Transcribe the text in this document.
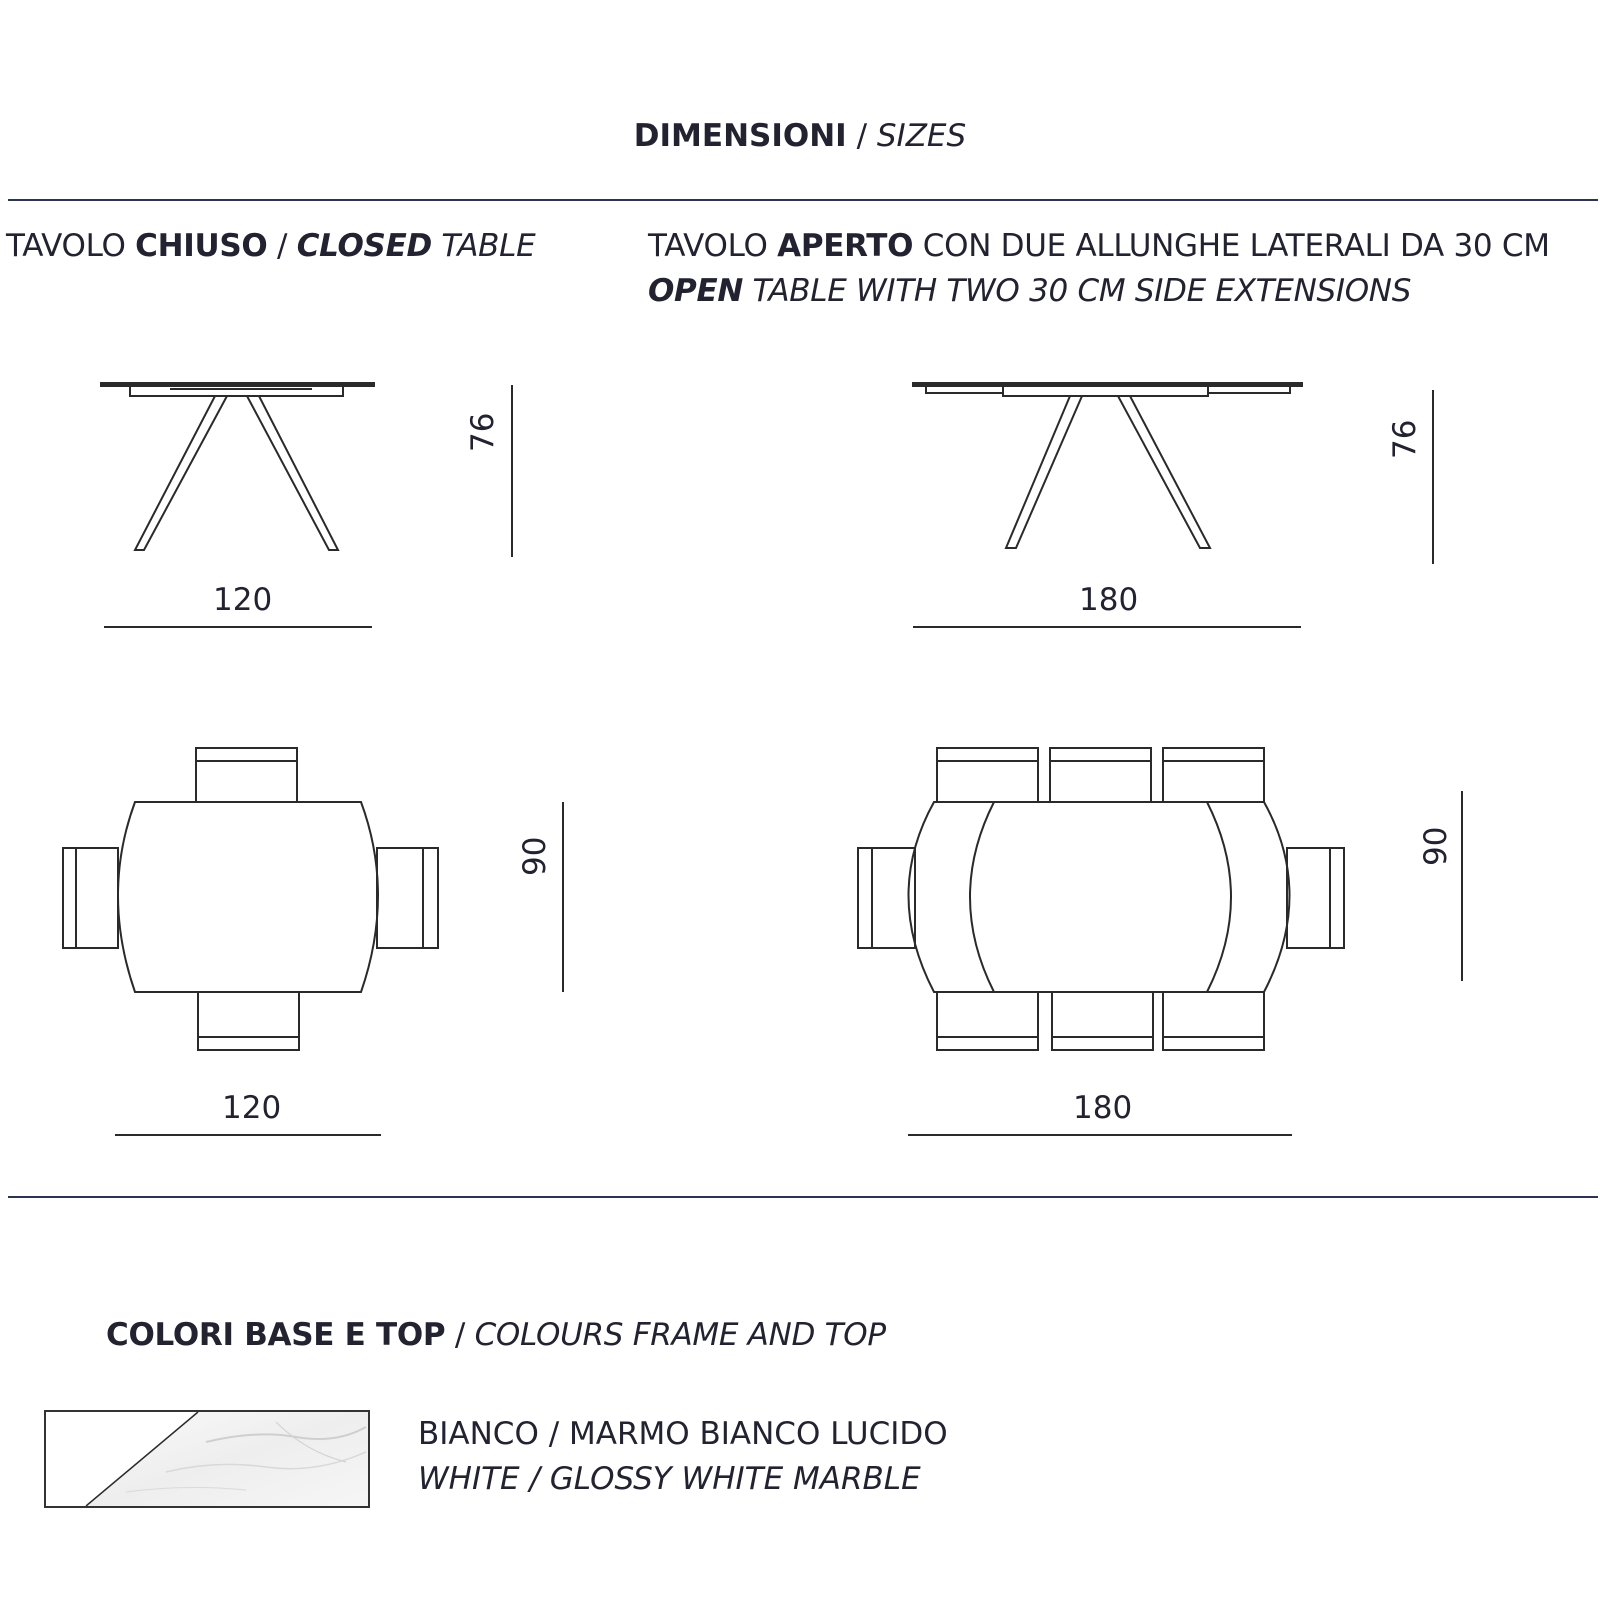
DIMENSIONI / SIZES
TAVOLO CHIUSO / CLOSED TABLE	TAVOLO APERTO CON DUE ALLUNGHE LATERALI DA 30 CM
OPEN TABLE WITH TWO 30 CM SIDE EXTENSIONS
120
76
180
76
120
90
180
90
COLORI BASE E TOP / COLOURS FRAME AND TOP
BIANCO / MARMO BIANCO LUCIDO
WHITE / GLOSSY WHITE MARBLE
